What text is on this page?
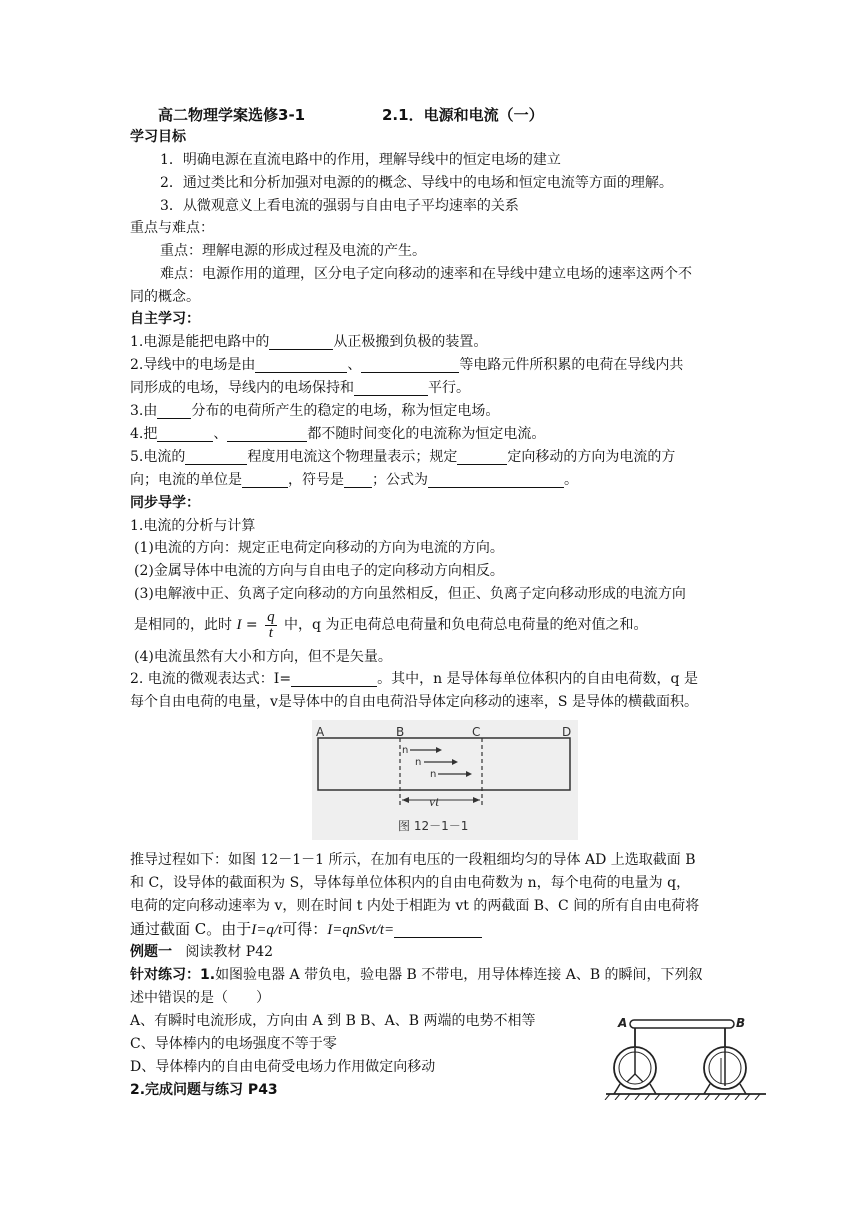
高二物理学案选修3-1	2.1．电源和电流（一）
学习目标
1．明确电源在直流电路中的作用，理解导线中的恒定电场的建立
2．通过类比和分析加强对电源的的概念、导线中的电场和恒定电流等方面的理解。
3．从微观意义上看电流的强弱与自由电子平均速率的关系
重点与难点：
重点：理解电源的形成过程及电流的产生。
难点：电源作用的道理，区分电子定向移动的速率和在导线中建立电场的速率这两个不
同的概念。
自主学习：
1.电源是能把电路中的	从正极搬到负极的装置。
2.导线中的电场是由	、	等电路元件所积累的电荷在导线内共
同形成的电场，导线内的电场保持和	平行。
3.由 分布的电荷所产生的稳定的电场，称为恒定电场。
4.把	、	都不随时间变化的电流称为恒定电流。
5.电流的	程度用电流这个物理量表示；规定	定向移动的方向为电流的方
向；电流的单位是	，符号是 ；公式为	。
同步导学：
1.电流的分析与计算
(1)电流的方向：规定正电荷定向移动的方向为电流的方向。
(2)金属导体中电流的方向与自由电子的定向移动方向相反。
(3)电解液中正、负离子定向移动的方向虽然相反，但正、负离子定向移动形成的电流方向
是相同的，此时 $I = \frac{q}{t}$ 中，q 为正电荷总电荷量和负电荷总电荷量的绝对值之和。
(4)电流虽然有大小和方向，但不是矢量。
2. 电流的微观表达式：I=	。其中，n 是导体每单位体积内的自由电荷数，q 是
每个自由电荷的电量，v是导体中的自由电荷沿导体定向移动的速率，S 是导体的横截面积。
A	B	C	D
n
n
n
vt
图 12－1－1
推导过程如下：如图 12－1－1 所示，在加有电压的一段粗细均匀的导体 AD 上选取截面 B
和 C，设导体的截面积为 S，导体每单位体积内的自由电荷数为 n，每个电荷的电量为 q，
电荷的定向移动速率为 v，则在时间 t 内处于相距为 vt 的两截面 B、C 间的所有自由电荷将
通过截面 C。由于I=q/t可得：I=qnSvt/t=
例题一 阅读教材 P42
针对练习：1.如图验电器 A 带负电，验电器 B 不带电，用导体棒连接 A、B 的瞬间，下列叙
述中错误的是（　　）
A、有瞬时电流形成，方向由 A 到 B B、A、B 两端的电势不相等
C、导体棒内的电场强度不等于零
D、导体棒内的自由电荷受电场力作用做定向移动
2.完成问题与练习 P43
A	B
